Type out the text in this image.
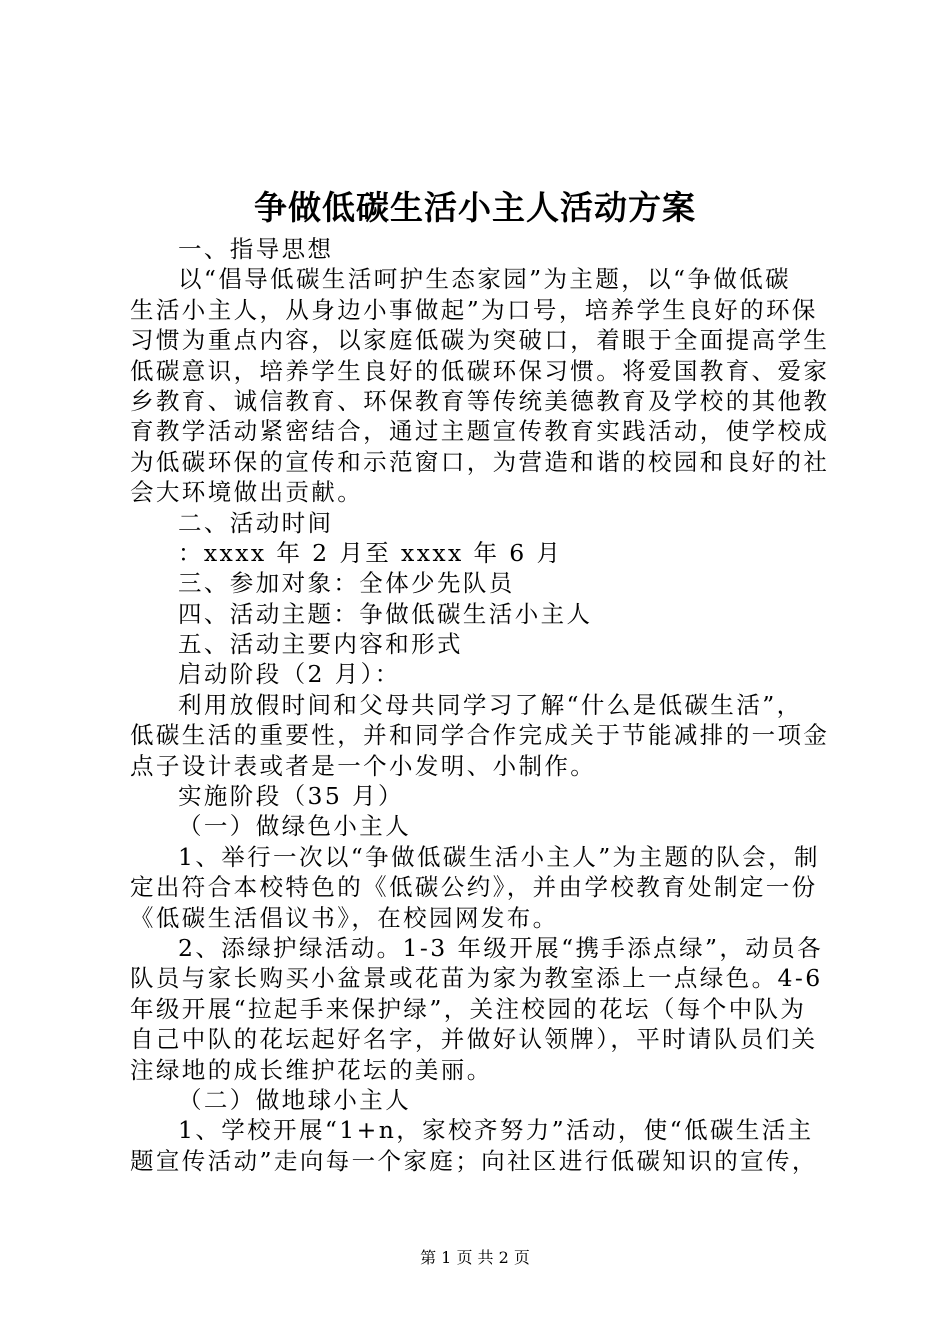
争做低碳生活小主人活动方案
一、指导思想
以“倡导低碳生活呵护生态家园”为主题，以“争做低碳
生活小主人，从身边小事做起”为口号，培养学生良好的环保
习惯为重点内容，以家庭低碳为突破口，着眼于全面提高学生
低碳意识，培养学生良好的低碳环保习惯。将爱国教育、爱家
乡教育、诚信教育、环保教育等传统美德教育及学校的其他教
育教学活动紧密结合，通过主题宣传教育实践活动，使学校成
为低碳环保的宣传和示范窗口，为营造和谐的校园和良好的社
会大环境做出贡献。
二、活动时间
：xxxx 年 2 月至 xxxx 年 6 月
三、参加对象：全体少先队员
四、活动主题：争做低碳生活小主人
五、活动主要内容和形式
启动阶段（2 月）：
利用放假时间和父母共同学习了解“什么是低碳生活”，
低碳生活的重要性，并和同学合作完成关于节能减排的一项金
点子设计表或者是一个小发明、小制作。
实施阶段（35 月）
（一）做绿色小主人
1、举行一次以“争做低碳生活小主人”为主题的队会，制
定出符合本校特色的《低碳公约》，并由学校教育处制定一份
《低碳生活倡议书》，在校园网发布。
2、添绿护绿活动。1-3 年级开展“携手添点绿”，动员各
队员与家长购买小盆景或花苗为家为教室添上一点绿色。4-6
年级开展“拉起手来保护绿”，关注校园的花坛（每个中队为
自己中队的花坛起好名字，并做好认领牌），平时请队员们关
注绿地的成长维护花坛的美丽。
（二）做地球小主人
1、学校开展“1+n，家校齐努力”活动，使“低碳生活主
题宣传活动”走向每一个家庭；向社区进行低碳知识的宣传，
第 1 页 共 2 页
